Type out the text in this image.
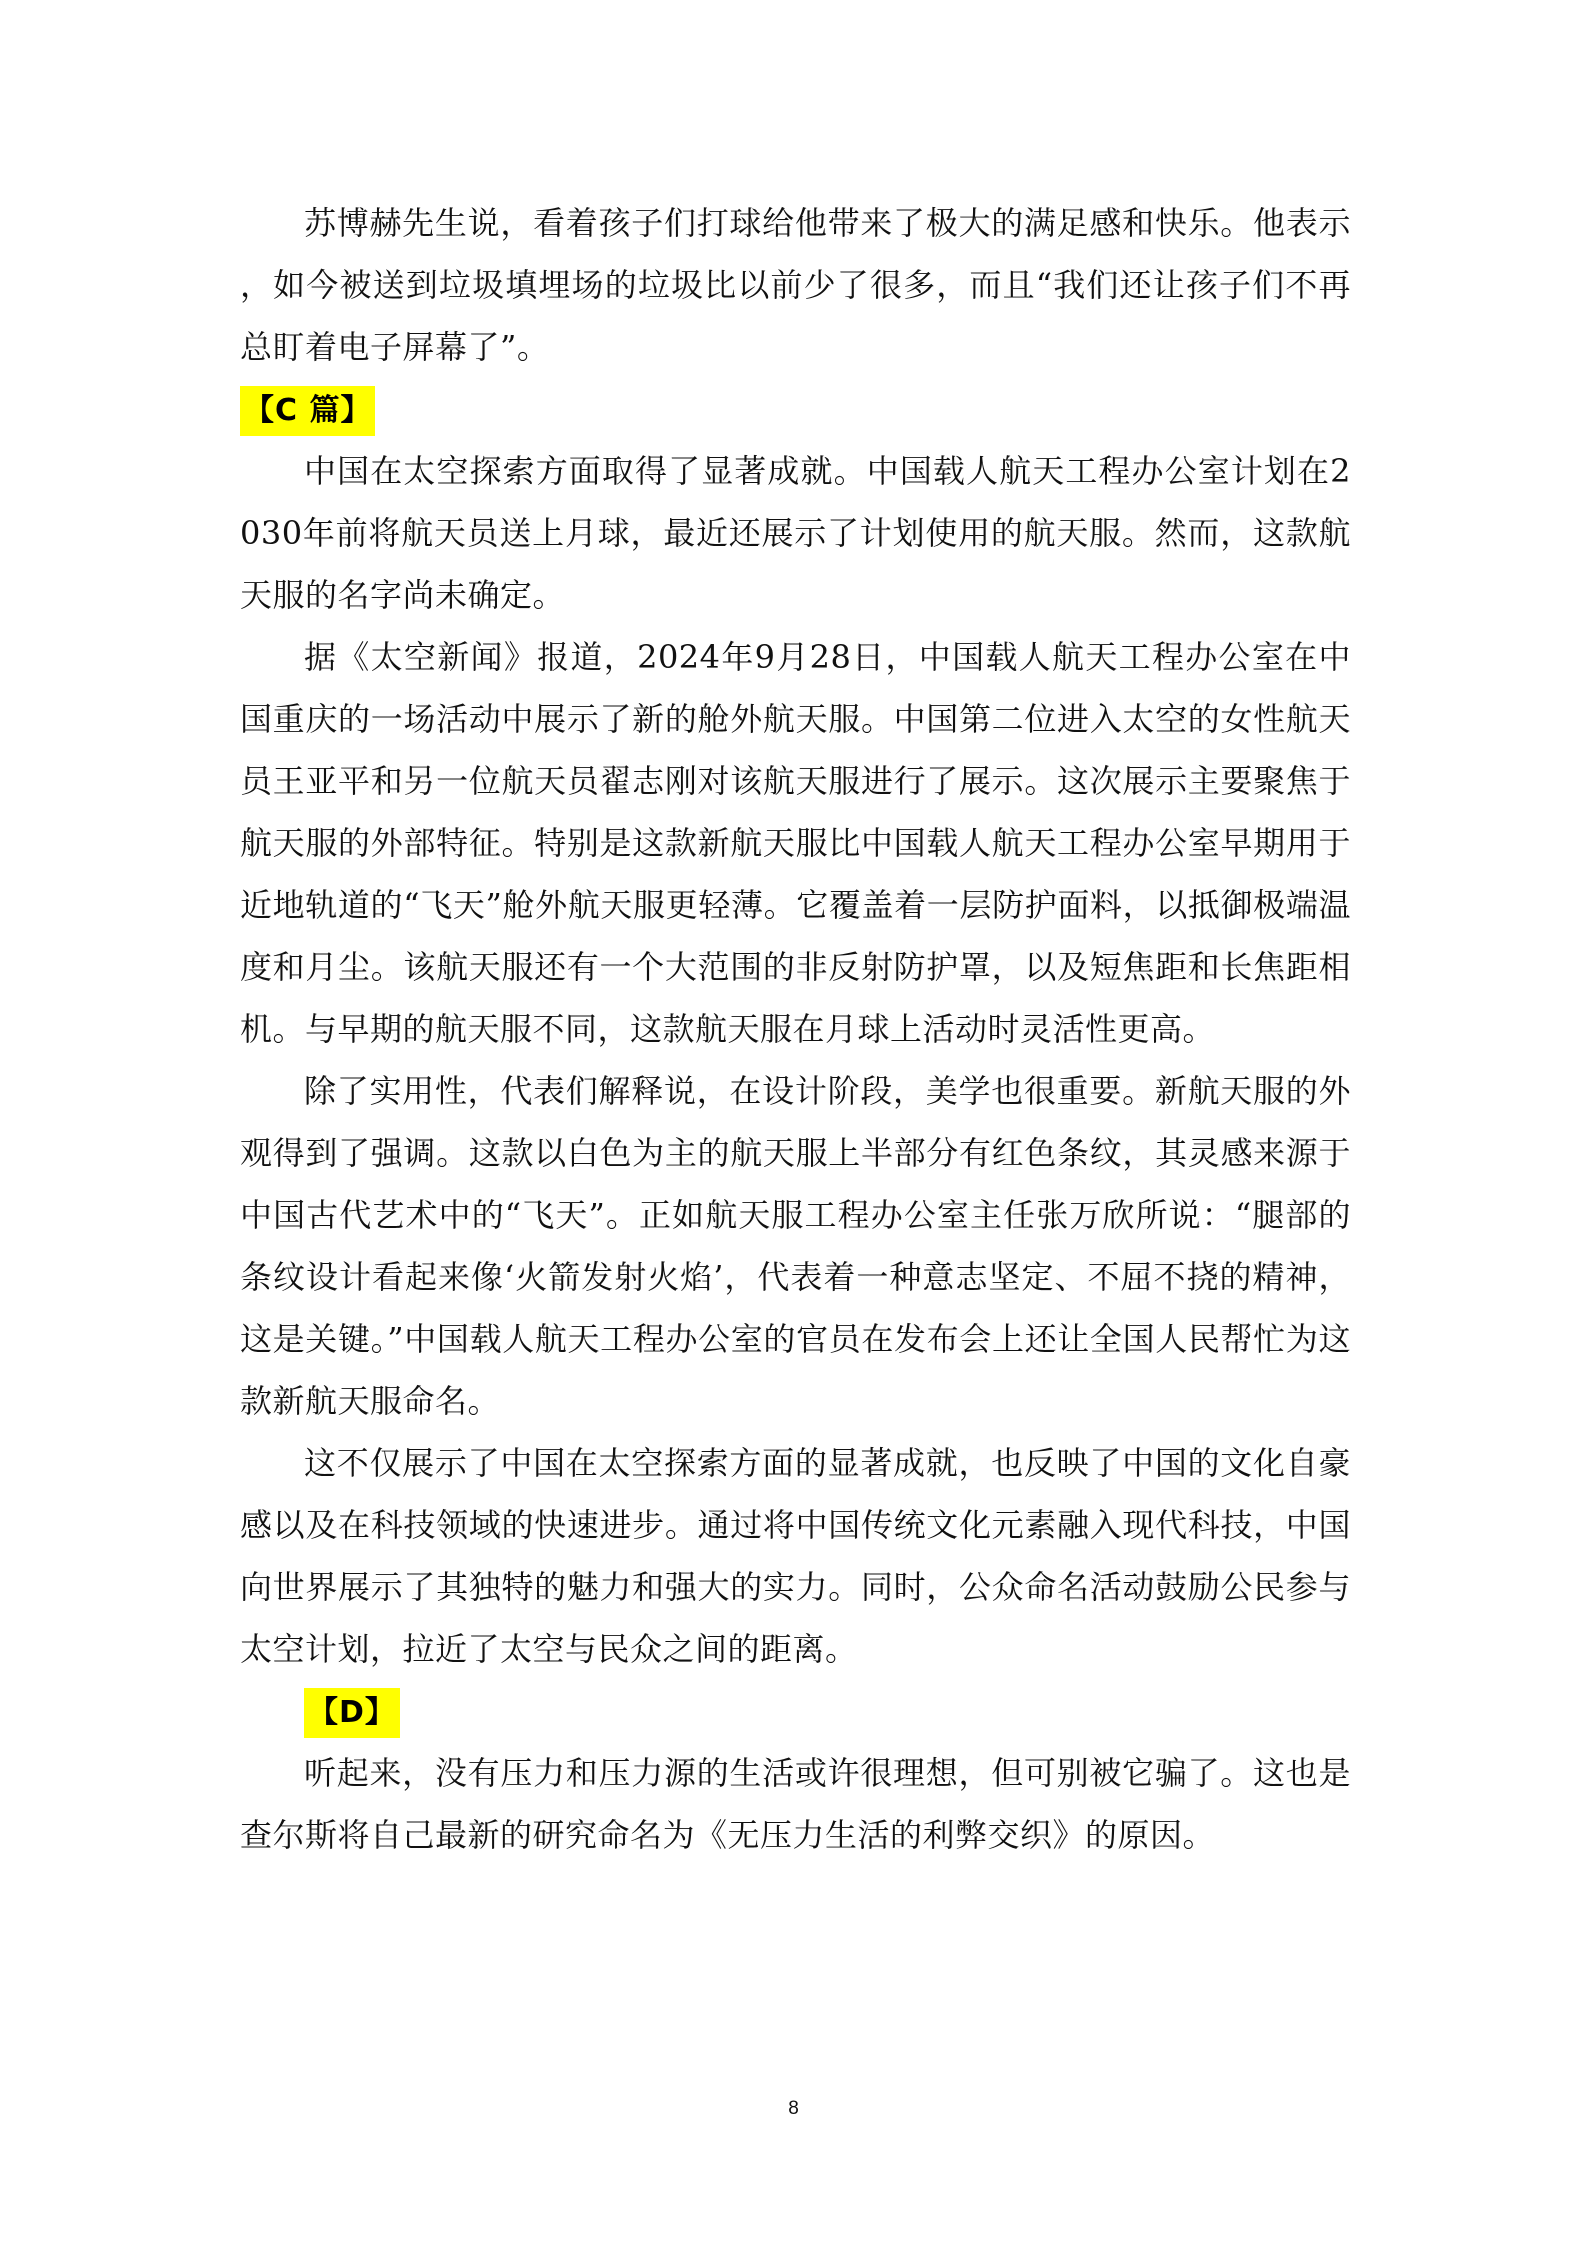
苏博赫先生说，看着孩子们打球给他带来了极大的满足感和快乐。他表示，如今被送到垃圾填埋场的垃圾比以前少了很多，而且“我们还让孩子们不再总盯着电子屏幕了”。

【C 篇】

中国在太空探索方面取得了显著成就。中国载人航天工程办公室计划在2030年前将航天员送上月球，最近还展示了计划使用的航天服。然而，这款航天服的名字尚未确定。

据《太空新闻》报道，2024年9月28日，中国载人航天工程办公室在中国重庆的一场活动中展示了新的舱外航天服。中国第二位进入太空的女性航天员王亚平和另一位航天员翟志刚对该航天服进行了展示。这次展示主要聚焦于航天服的外部特征。特别是这款新航天服比中国载人航天工程办公室早期用于近地轨道的“飞天”舱外航天服更轻薄。它覆盖着一层防护面料，以抵御极端温度和月尘。该航天服还有一个大范围的非反射防护罩，以及短焦距和长焦距相机。与早期的航天服不同，这款航天服在月球上活动时灵活性更高。

除了实用性，代表们解释说，在设计阶段，美学也很重要。新航天服的外观得到了强调。这款以白色为主的航天服上半部分有红色条纹，其灵感来源于中国古代艺术中的“飞天”。正如航天服工程办公室主任张万欣所说：“腿部的条纹设计看起来像‘火箭发射火焰’，代表着一种意志坚定、不屈不挠的精神，这是关键。”中国载人航天工程办公室的官员在发布会上还让全国人民帮忙为这款新航天服命名。

这不仅展示了中国在太空探索方面的显著成就，也反映了中国的文化自豪感以及在科技领域的快速进步。通过将中国传统文化元素融入现代科技，中国向世界展示了其独特的魅力和强大的实力。同时，公众命名活动鼓励公民参与太空计划，拉近了太空与民众之间的距离。

【D】

听起来，没有压力和压力源的生活或许很理想，但可别被它骗了。这也是查尔斯将自己最新的研究命名为《无压力生活的利弊交织》的原因。

8
